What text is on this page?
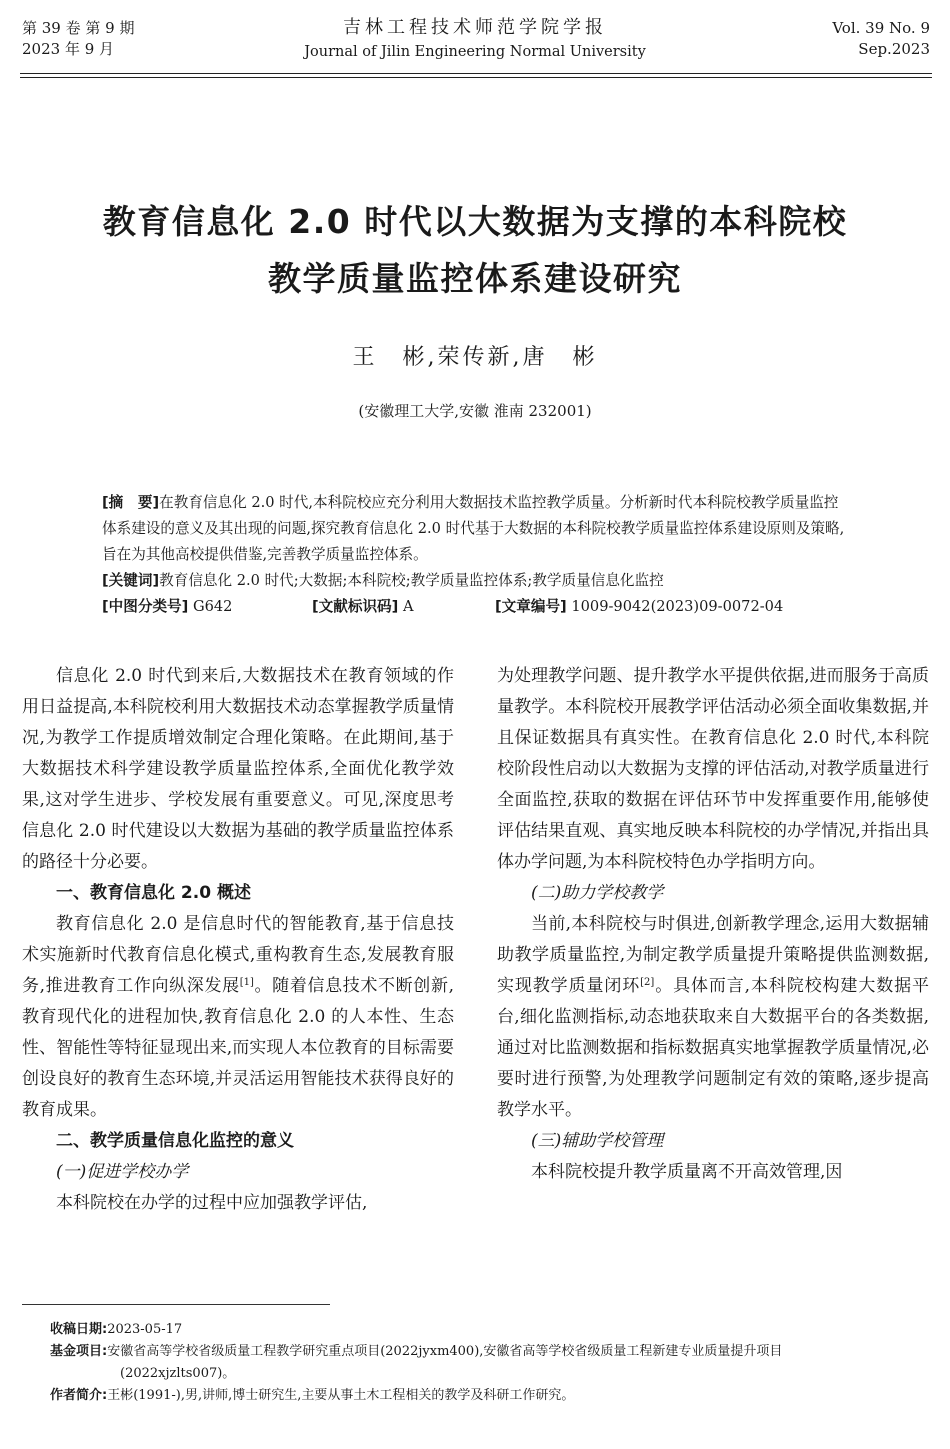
第 39 卷 第 9 期
2023 年 9 月
吉林工程技术师范学院学报
Journal of Jilin Engineering Normal University
Vol. 39 No. 9
Sep.2023
教育信息化 2.0 时代以大数据为支撑的本科院校
教学质量监控体系建设研究
王　彬,荣传新,唐　彬
(安徽理工大学,安徽 淮南 232001)

[摘　要]在教育信息化 2.0 时代,本科院校应充分利用大数据技术监控教学质量。分析新时代本科院校教学质量监控体系建设的意义及其出现的问题,探究教育信息化 2.0 时代基于大数据的本科院校教学质量监控体系建设原则及策略,旨在为其他高校提供借鉴,完善教学质量监控体系。

[关键词]教育信息化 2.0 时代;大数据;本科院校;教学质量监控体系;教学质量信息化监控

[中图分类号] G642	[文献标识码] A	[文章编号] 1009-9042(2023)09-0072-04

信息化 2.0 时代到来后,大数据技术在教育领域的作用日益提高,本科院校利用大数据技术动态掌握教学质量情况,为教学工作提质增效制定合理化策略。在此期间,基于大数据技术科学建设教学质量监控体系,全面优化教学效果,这对学生进步、学校发展有重要意义。可见,深度思考信息化 2.0 时代建设以大数据为基础的教学质量监控体系的路径十分必要。

一、教育信息化 2.0 概述

教育信息化 2.0 是信息时代的智能教育,基于信息技术实施新时代教育信息化模式,重构教育生态,发展教育服务,推进教育工作向纵深发展[1]。随着信息技术不断创新,教育现代化的进程加快,教育信息化 2.0 的人本性、生态性、智能性等特征显现出来,而实现人本位教育的目标需要创设良好的教育生态环境,并灵活运用智能技术获得良好的教育成果。

二、教学质量信息化监控的意义
(一)促进学校办学

本科院校在办学的过程中应加强教学评估,

为处理教学问题、提升教学水平提供依据,进而服务于高质量教学。本科院校开展教学评估活动必须全面收集数据,并且保证数据具有真实性。在教育信息化 2.0 时代,本科院校阶段性启动以大数据为支撑的评估活动,对教学质量进行全面监控,获取的数据在评估环节中发挥重要作用,能够使评估结果直观、真实地反映本科院校的办学情况,并指出具体办学问题,为本科院校特色办学指明方向。

(二)助力学校教学

当前,本科院校与时俱进,创新教学理念,运用大数据辅助教学质量监控,为制定教学质量提升策略提供监测数据,实现教学质量闭环[2]。具体而言,本科院校构建大数据平台,细化监测指标,动态地获取来自大数据平台的各类数据,通过对比监测数据和指标数据真实地掌握教学质量情况,必要时进行预警,为处理教学问题制定有效的策略,逐步提高教学水平。

(三)辅助学校管理

本科院校提升教学质量离不开高效管理,因

收稿日期:2023-05-17

基金项目:安徽省高等学校省级质量工程教学研究重点项目(2022jyxm400),安徽省高等学校省级质量工程新建专业质量提升项目

(2022xjzlts007)。

作者简介:王彬(1991-),男,讲师,博士研究生,主要从事土木工程相关的教学及科研工作研究。
